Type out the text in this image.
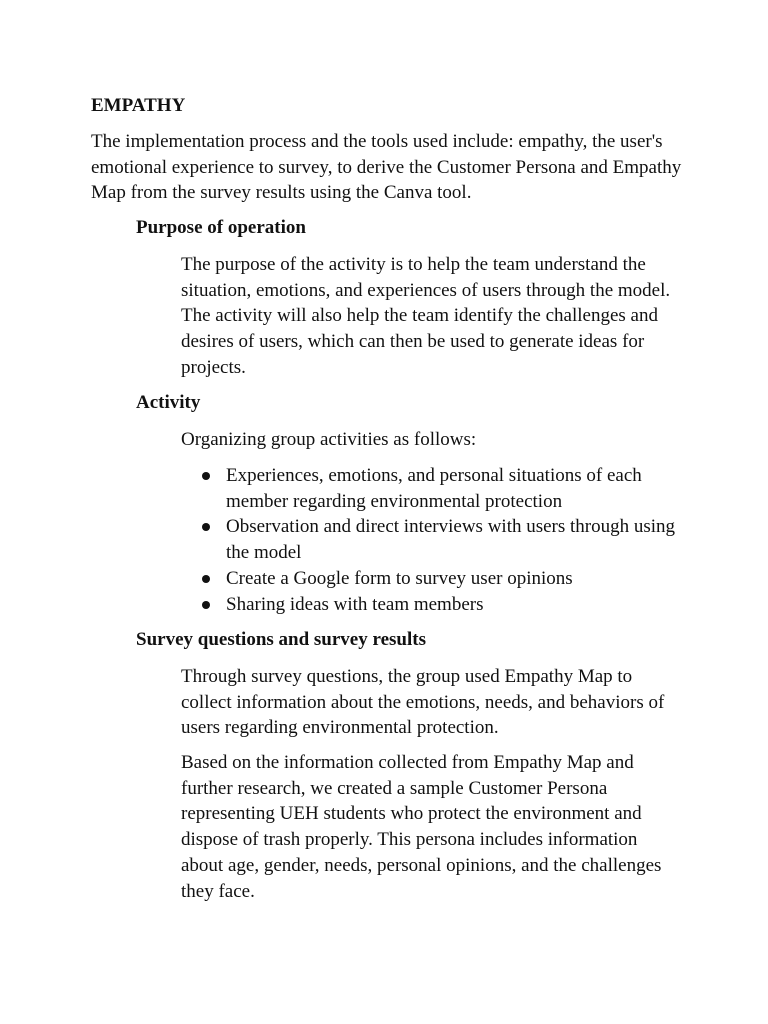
EMPATHY

The implementation process and the tools used include: empathy, the user's emotional experience to survey, to derive the Customer Persona and Empathy Map from the survey results using the Canva tool.

Purpose of operation

The purpose of the activity is to help the team understand the situation, emotions, and experiences of users through the model. The activity will also help the team identify the challenges and desires of users, which can then be used to generate ideas for projects.

Activity

Organizing group activities as follows:

Experiences, emotions, and personal situations of each member regarding environmental protection
Observation and direct interviews with users through using the model
Create a Google form to survey user opinions
Sharing ideas with team members
Survey questions and survey results

Through survey questions, the group used Empathy Map to collect information about the emotions, needs, and behaviors of users regarding environmental protection.

Based on the information collected from Empathy Map and further research, we created a sample Customer Persona representing UEH students who protect the environment and dispose of trash properly. This persona includes information about age, gender, needs, personal opinions, and the challenges they face.
